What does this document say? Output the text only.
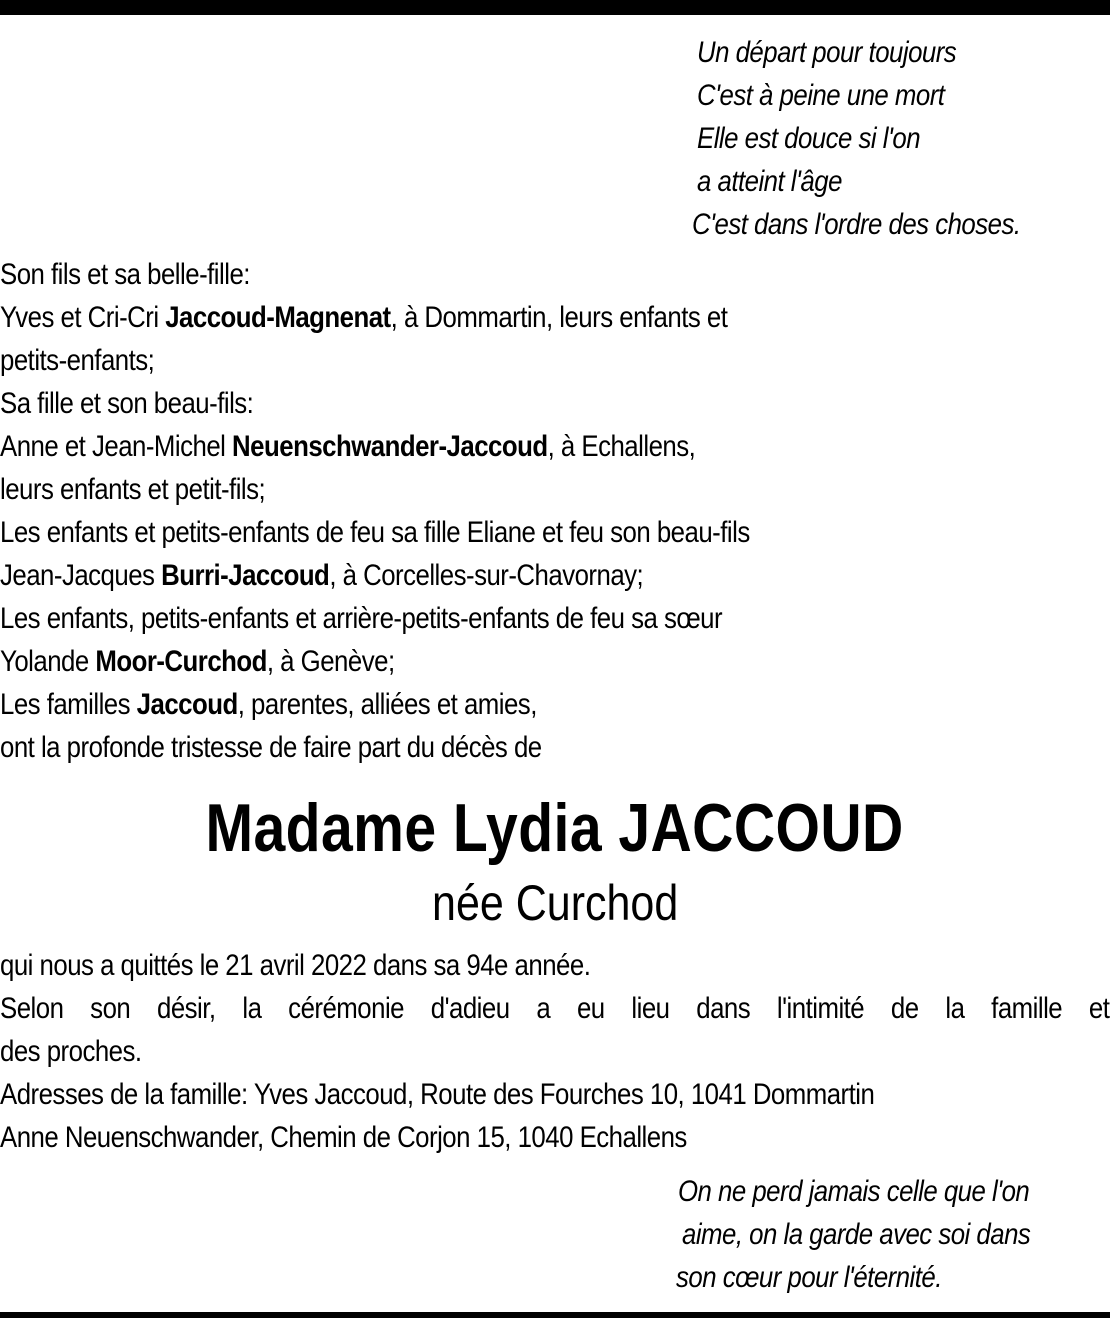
Un départ pour toujours
C'est à peine une mort
Elle est douce si l'on
a atteint l'âge
C'est dans l'ordre des choses.
Son fils et sa belle-fille:
Yves et Cri-Cri Jaccoud-Magnenat, à Dommartin, leurs enfants et
petits-enfants;
Sa fille et son beau-fils:
Anne et Jean-Michel Neuenschwander-Jaccoud, à Echallens,
leurs enfants et petit-fils;
Les enfants et petits-enfants de feu sa fille Eliane et feu son beau-fils
Jean-Jacques Burri-Jaccoud, à Corcelles-sur-Chavornay;
Les enfants, petits-enfants et arrière-petits-enfants de feu sa sœur
Yolande Moor-Curchod, à Genève;
Les familles Jaccoud, parentes, alliées et amies,
ont la profonde tristesse de faire part du décès de
Madame Lydia JACCOUD
née Curchod
qui nous a quittés le 21 avril 2022 dans sa 94e année.
Selon son désir, la cérémonie d'adieu a eu lieu dans l'intimité de la famille et
des proches.
Adresses de la famille: Yves Jaccoud, Route des Fourches 10, 1041 Dommartin
Anne Neuenschwander, Chemin de Corjon 15, 1040 Echallens
On ne perd jamais celle que l'on
aime, on la garde avec soi dans
son cœur pour l'éternité.
